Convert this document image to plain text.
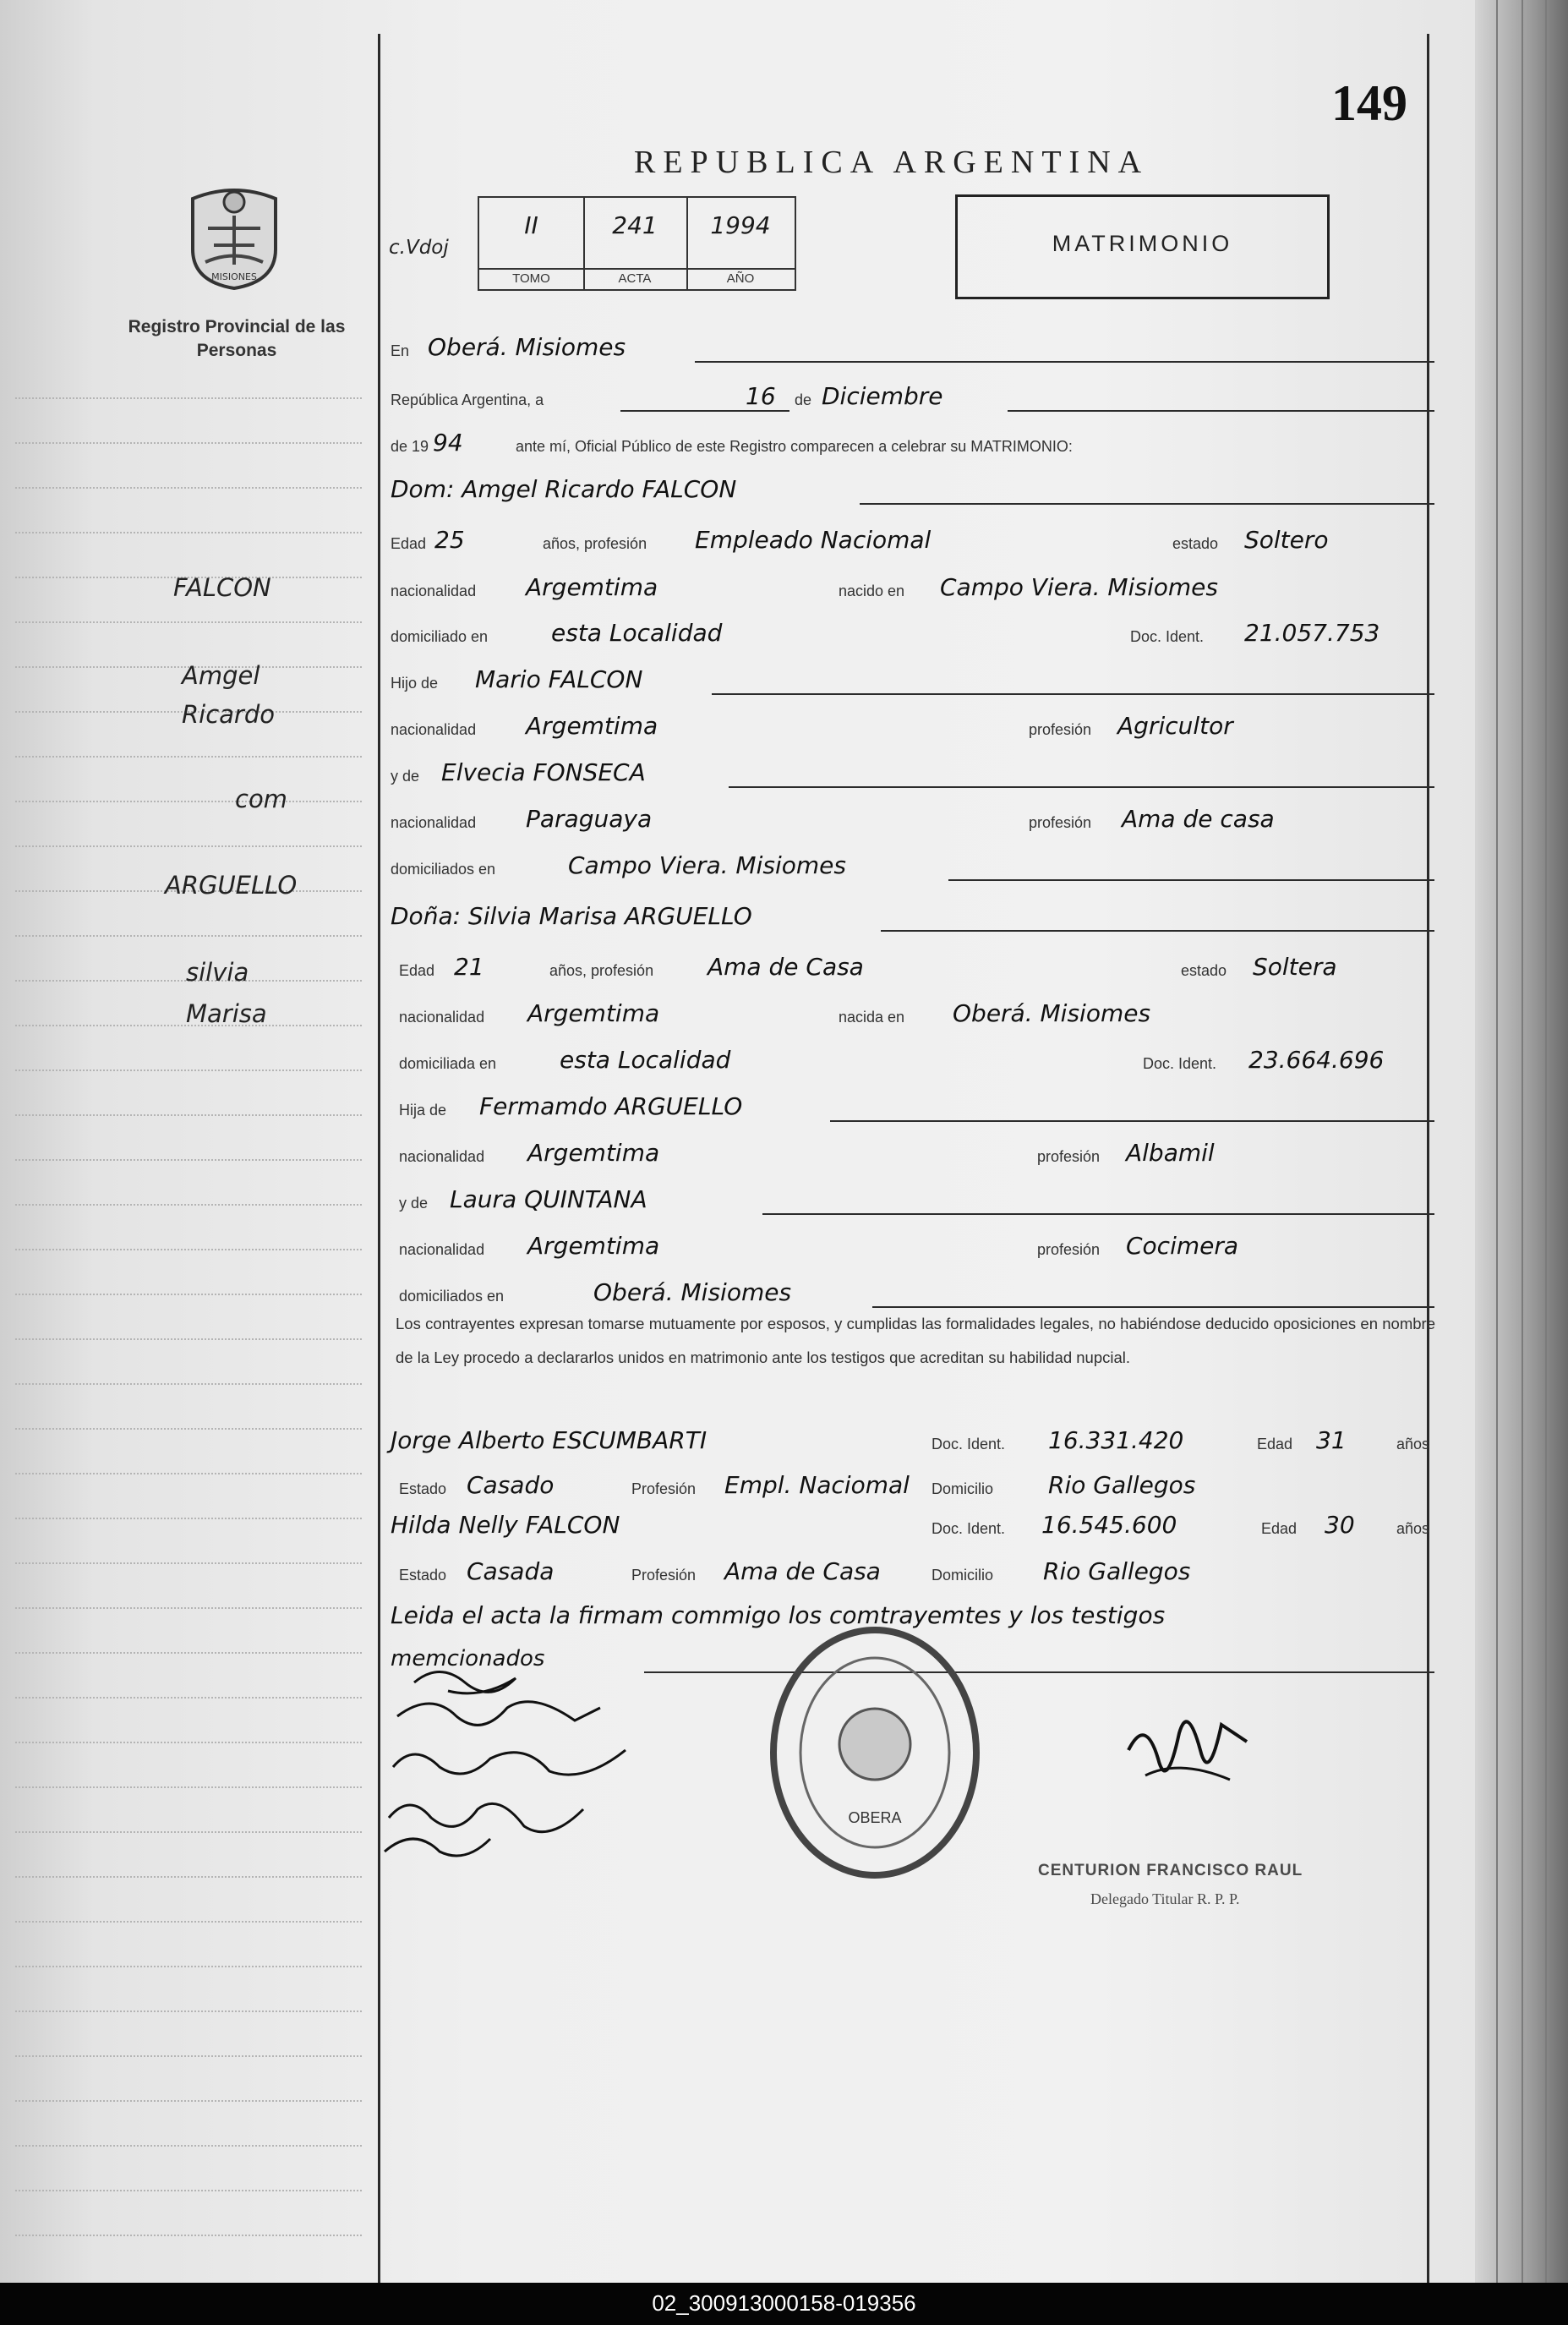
149
REPUBLICA ARGENTINA
MISIONES
Registro Provincial de las Personas
c.Vdoj
II
TOMO
241
ACTA
1994
AÑO
MATRIMONIO
FALCON
Amgel
Ricardo
com
ARGUELLO
silvia
Marisa
En Oberá. Misiomes
República Argentina, a	16 de Diciembre
de 19 94	ante mí, Oficial Público de este Registro comparecen a celebrar su MATRIMONIO:
Dom: Amgel Ricardo FALCON
Edad 25	años, profesión Empleado Naciomal	estado Soltero
nacionalidad Argemtima	nacido en Campo Viera. Misiomes
domiciliado en	esta Localidad	Doc. Ident. 21.057.753
Hijo de Mario FALCON
nacionalidad Argemtima	profesión Agricultor
y de Elvecia FONSECA
nacionalidad Paraguaya	profesión Ama de casa
domiciliados en	Campo Viera. Misiomes
Doña: Silvia Marisa ARGUELLO
Edad 21	años, profesión Ama de Casa	estado Soltera
nacionalidad Argemtima	nacida en Oberá. Misiomes
domiciliada en	esta Localidad	Doc. Ident. 23.664.696
Hija de Fermamdo ARGUELLO
nacionalidad Argemtima	profesión Albamil
y de Laura QUINTANA
nacionalidad Argemtima	profesión Cocimera
domiciliados en	Oberá. Misiomes
Los contrayentes expresan tomarse mutuamente por esposos, y cumplidas las formalidades legales, no habiéndose deducido oposiciones en nombre de la Ley procedo a declararlos unidos en matrimonio ante los testigos que acreditan su habilidad nupcial.
Jorge Alberto ESCUMBARTI	Doc. Ident. 16.331.420	Edad 31	años
Estado Casado	Profesión Empl. Naciomal Domicilio Rio Gallegos
Hilda Nelly FALCON	Doc. Ident. 16.545.600	Edad 30	años
Estado Casada	Profesión Ama de Casa	Domicilio Rio Gallegos
Leida el acta la firmam commigo los comtrayemtes y los testigos
memcionados
OBERA
CENTURION FRANCISCO RAUL
Delegado Titular R. P. P.
02_300913000158-019356
